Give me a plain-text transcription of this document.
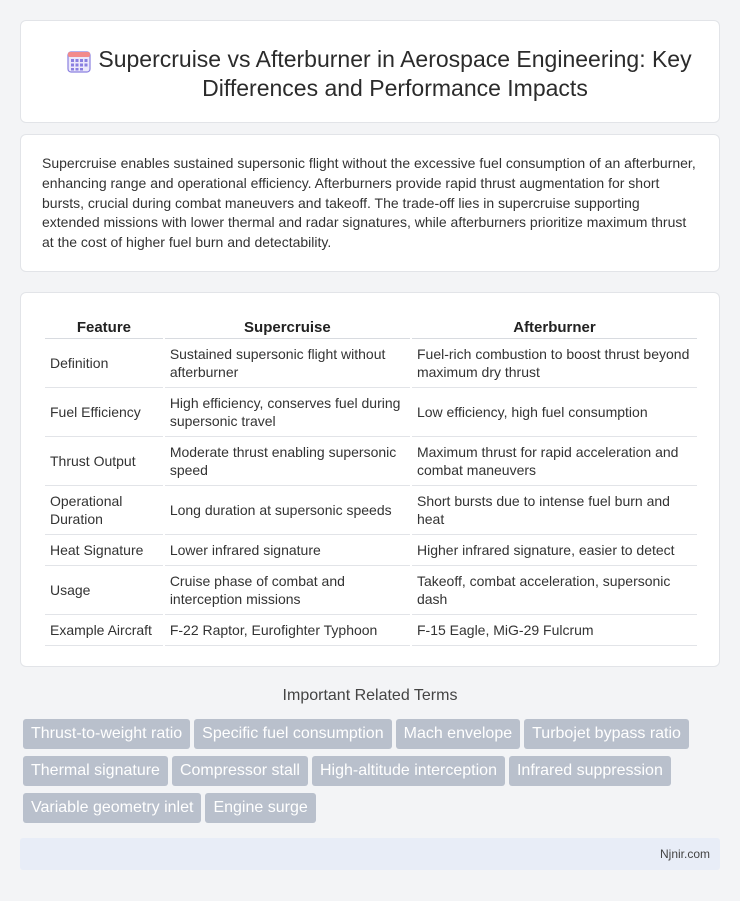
Supercruise vs Afterburner in Aerospace Engineering: Key Differences and Performance Impacts

Supercruise enables sustained supersonic flight without the excessive fuel consumption of an afterburner, enhancing range and operational efficiency. Afterburners provide rapid thrust augmentation for short bursts, crucial during combat maneuvers and takeoff. The trade-off lies in supercruise supporting extended missions with lower thermal and radar signatures, while afterburners prioritize maximum thrust at the cost of higher fuel burn and detectability.

Feature	Supercruise	Afterburner
Definition	Sustained supersonic flight without afterburner	Fuel-rich combustion to boost thrust beyond maximum dry thrust
Fuel Efficiency	High efficiency, conserves fuel during supersonic travel	Low efficiency, high fuel consumption
Thrust Output	Moderate thrust enabling supersonic speed	Maximum thrust for rapid acceleration and combat maneuvers
Operational Duration	Long duration at supersonic speeds	Short bursts due to intense fuel burn and heat
Heat Signature	Lower infrared signature	Higher infrared signature, easier to detect
Usage	Cruise phase of combat and interception missions	Takeoff, combat acceleration, supersonic dash
Example Aircraft	F-22 Raptor, Eurofighter Typhoon	F-15 Eagle, MiG-29 Fulcrum
Important Related Terms
Thrust-to-weight ratio Specific fuel consumption Mach envelope Turbojet bypass ratio
Thermal signature Compressor stall High-altitude interception Infrared suppression
Variable geometry inlet Engine surge
Njnir.com
